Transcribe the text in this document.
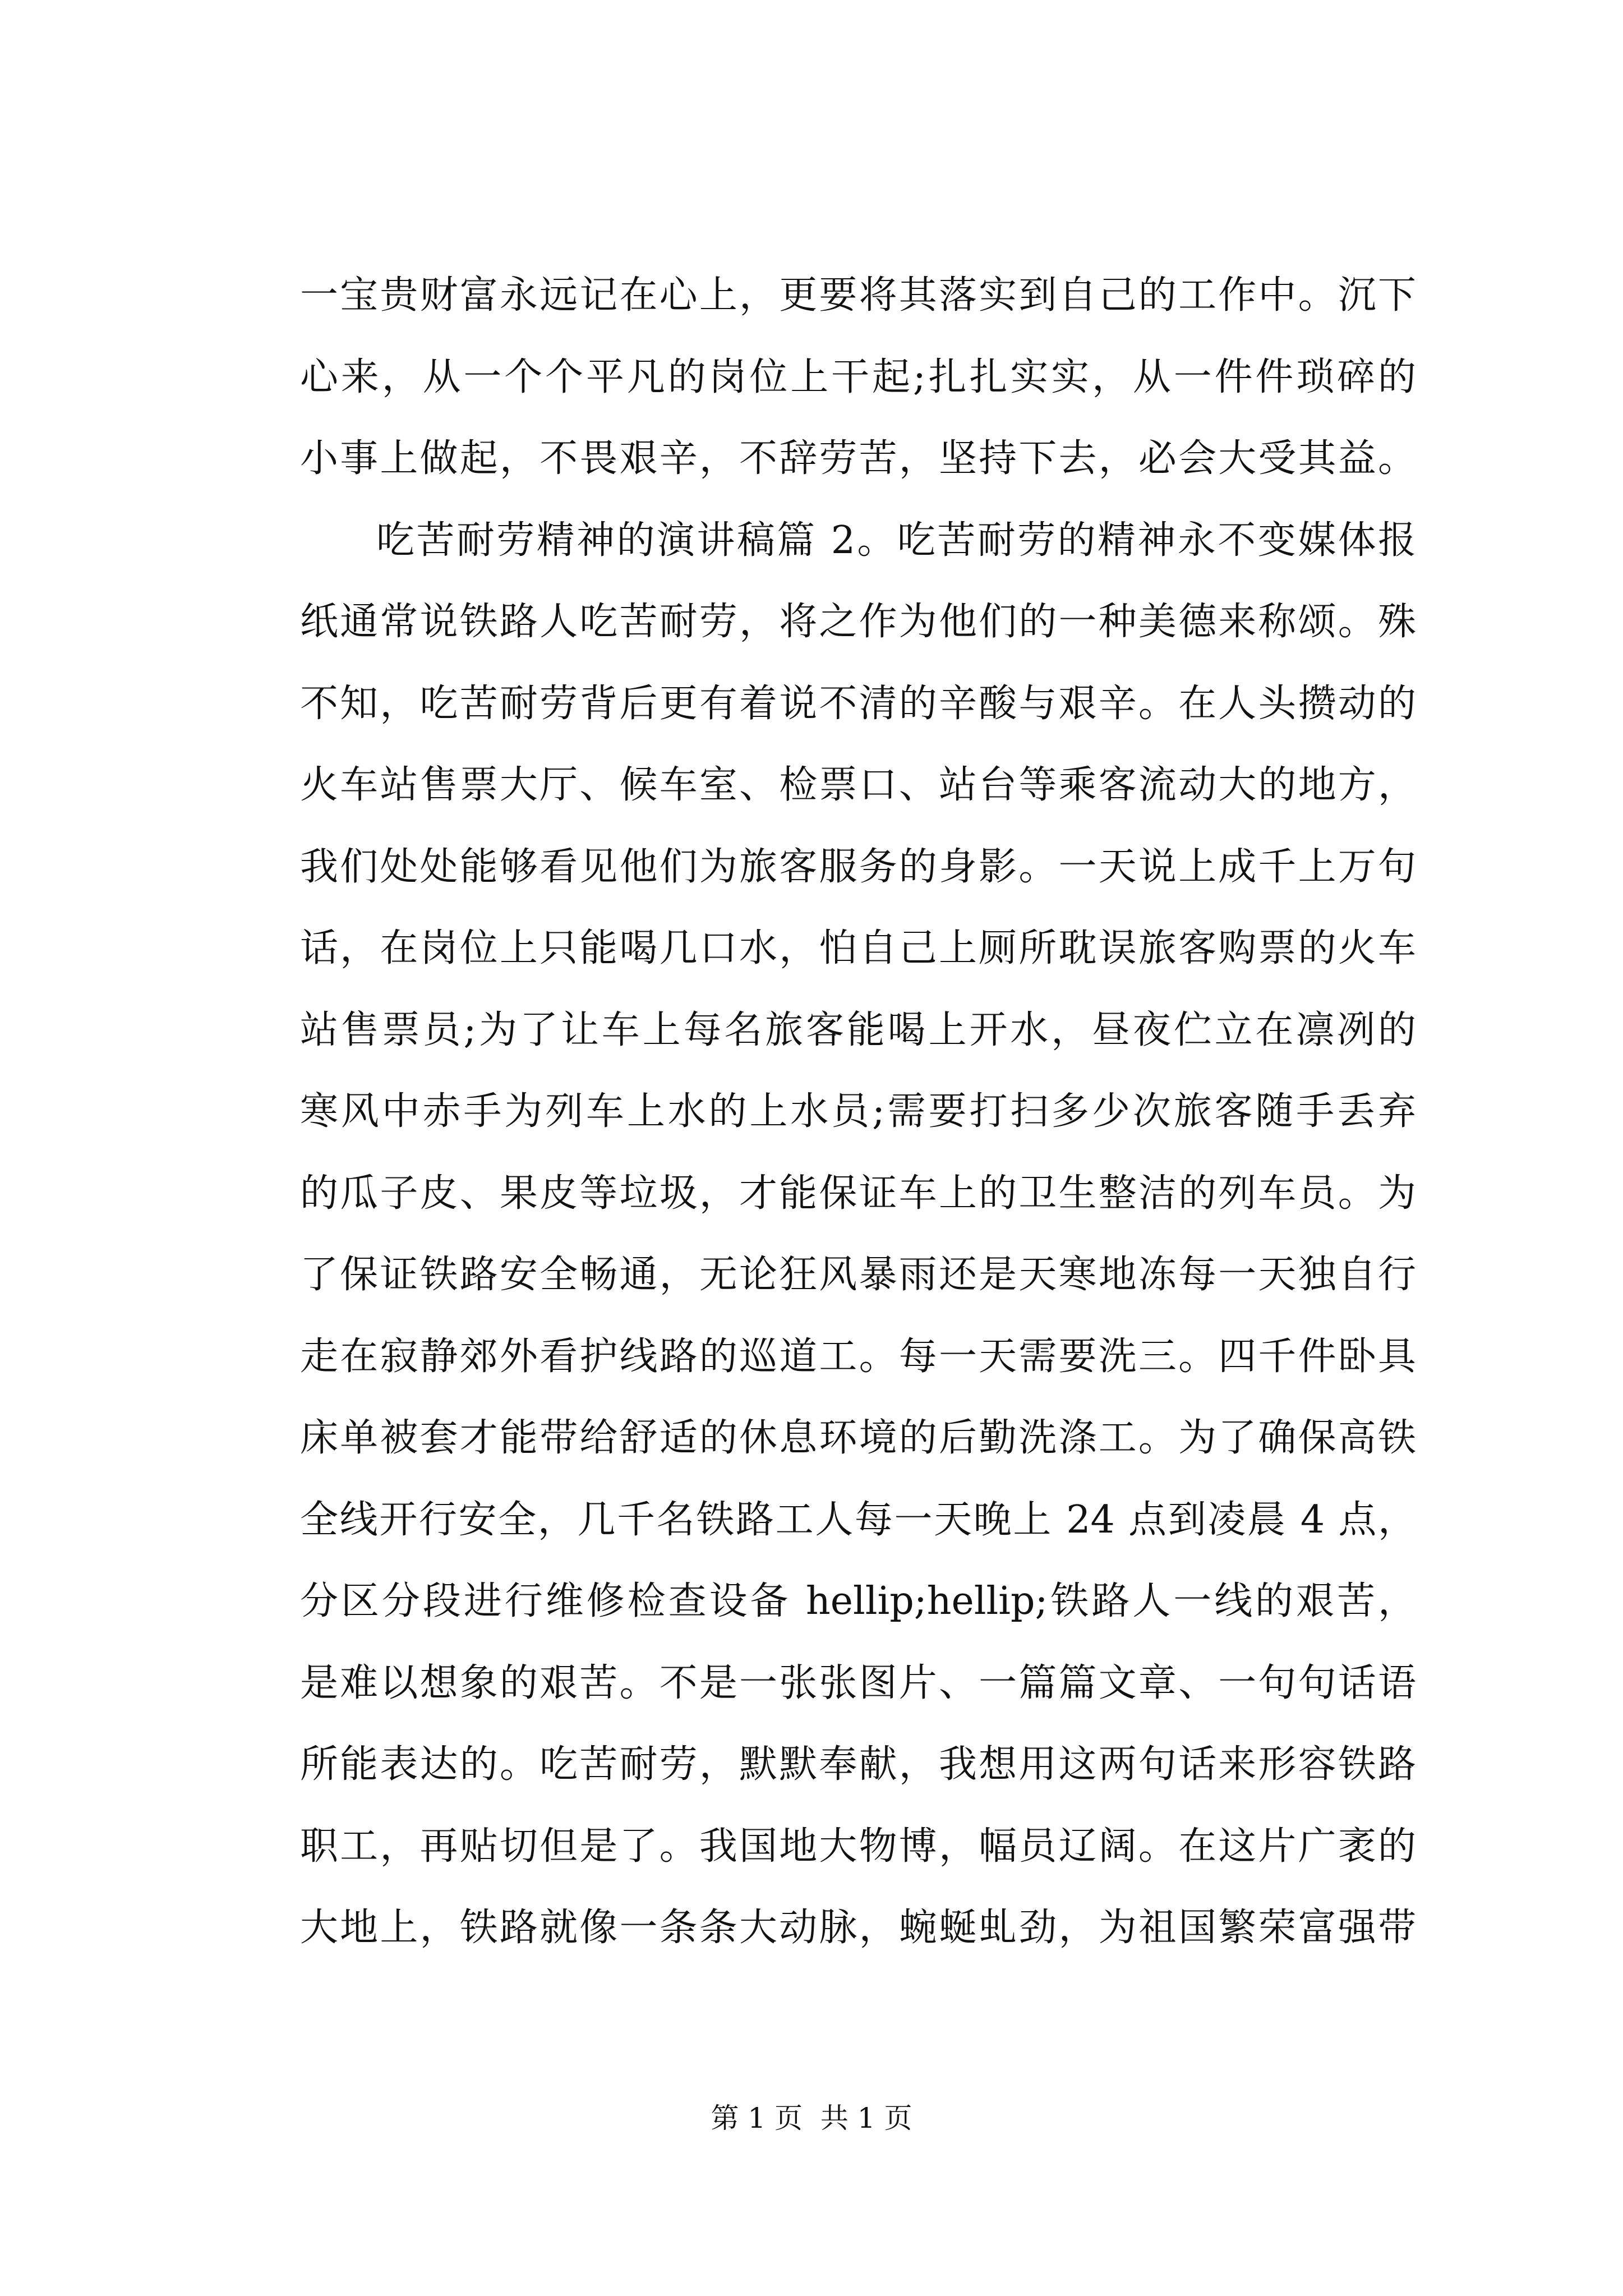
一宝贵财富永远记在心上，更要将其落实到自己的工作中。沉下
心来，从一个个平凡的岗位上干起;扎扎实实，从一件件琐碎的
小事上做起，不畏艰辛，不辞劳苦，坚持下去，必会大受其益。
吃苦耐劳精神的演讲稿篇 2。吃苦耐劳的精神永不变媒体报
纸通常说铁路人吃苦耐劳，将之作为他们的一种美德来称颂。殊
不知，吃苦耐劳背后更有着说不清的辛酸与艰辛。在人头攒动的
火车站售票大厅、候车室、检票口、站台等乘客流动大的地方，
我们处处能够看见他们为旅客服务的身影。一天说上成千上万句
话，在岗位上只能喝几口水，怕自己上厕所耽误旅客购票的火车
站售票员;为了让车上每名旅客能喝上开水，昼夜伫立在凛冽的
寒风中赤手为列车上水的上水员;需要打扫多少次旅客随手丢弃
的瓜子皮、果皮等垃圾，才能保证车上的卫生整洁的列车员。为
了保证铁路安全畅通，无论狂风暴雨还是天寒地冻每一天独自行
走在寂静郊外看护线路的巡道工。每一天需要洗三。四千件卧具
床单被套才能带给舒适的休息环境的后勤洗涤工。为了确保高铁
全线开行安全，几千名铁路工人每一天晚上 24 点到凌晨 4 点，
分区分段进行维修检查设备 hellip;hellip;铁路人一线的艰苦，
是难以想象的艰苦。不是一张张图片、一篇篇文章、一句句话语
所能表达的。吃苦耐劳，默默奉献，我想用这两句话来形容铁路
职工，再贴切但是了。我国地大物博，幅员辽阔。在这片广袤的
大地上，铁路就像一条条大动脉，蜿蜒虬劲，为祖国繁荣富强带
第 1 页  共 1 页
